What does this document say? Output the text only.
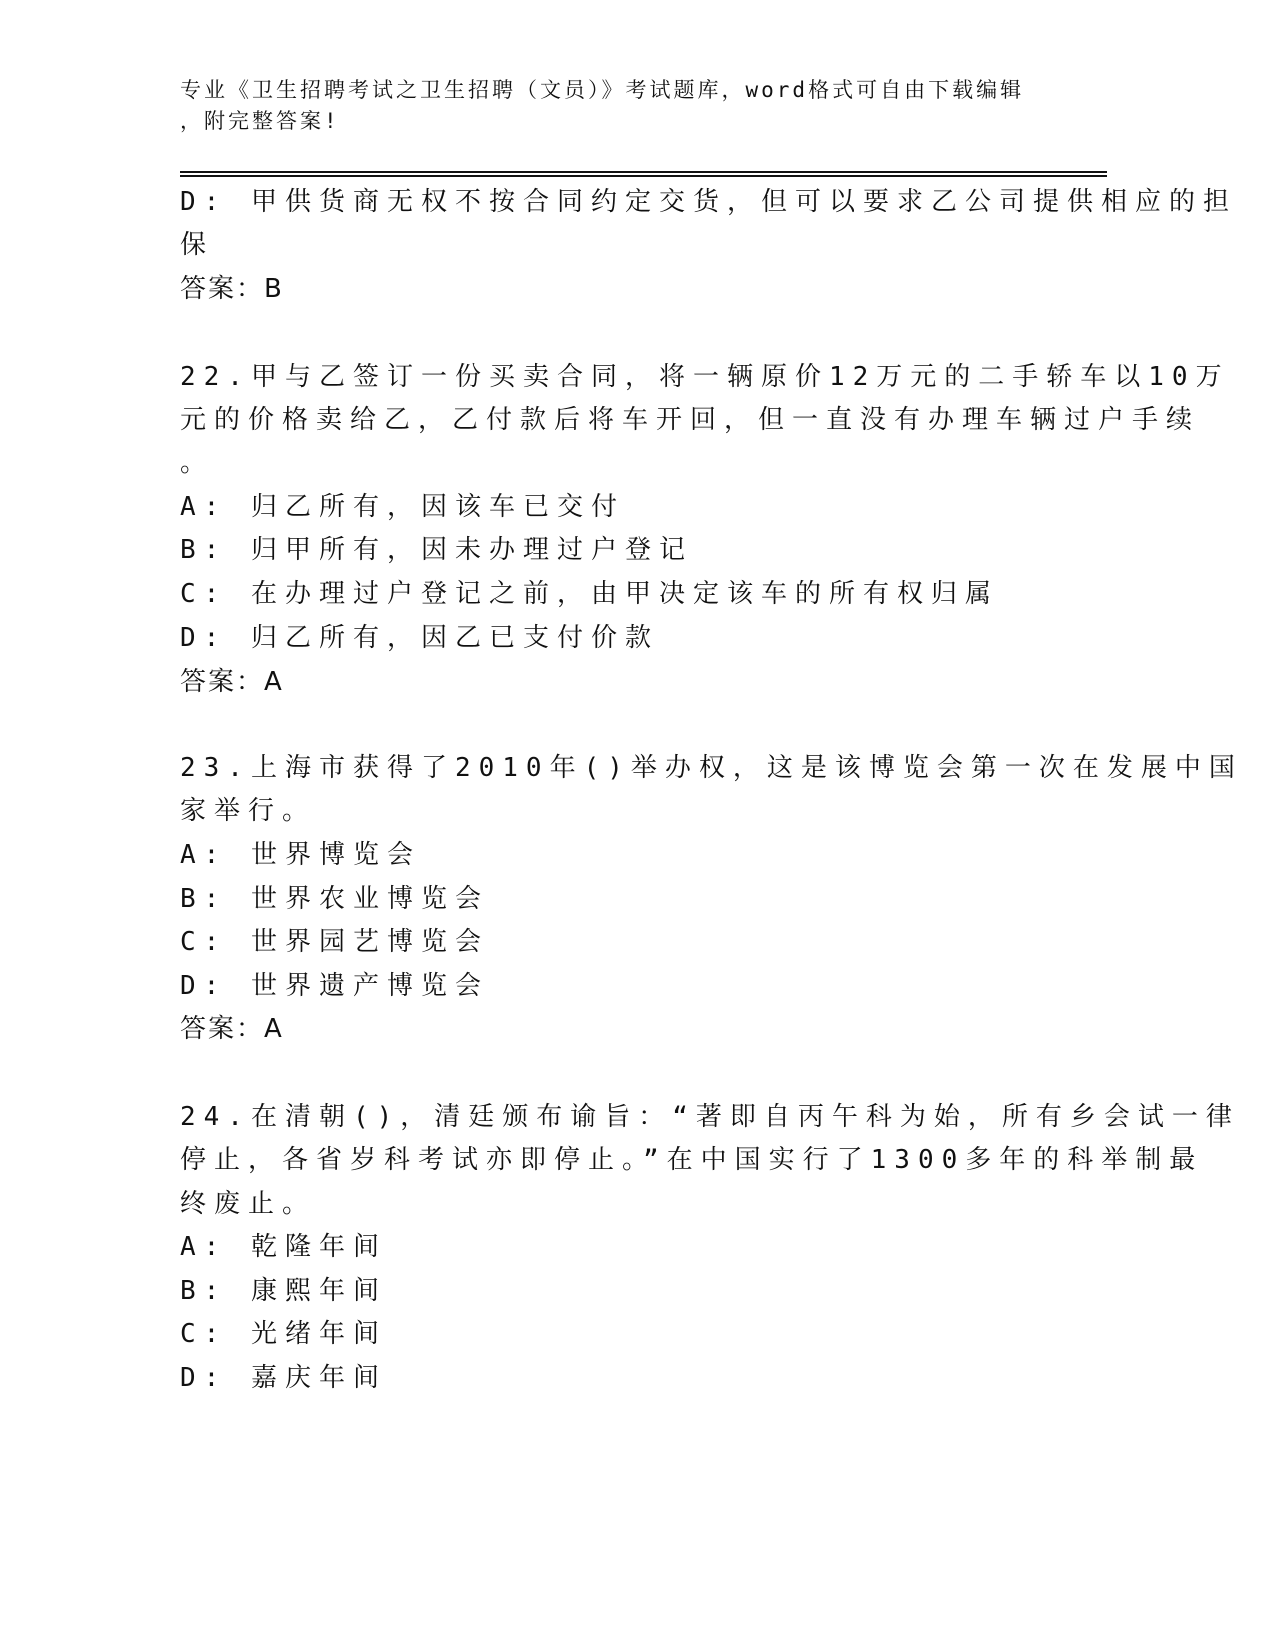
专业《卫生招聘考试之卫生招聘（文员）》考试题库，word格式可自由下载编辑
，附完整答案!
D: 甲供货商无权不按合同约定交货，但可以要求乙公司提供相应的担
保
答案：B
22.甲与乙签订一份买卖合同，将一辆原价12万元的二手轿车以10万
元的价格卖给乙，乙付款后将车开回，但一直没有办理车辆过户手续
。
A: 归乙所有，因该车已交付
B: 归甲所有，因未办理过户登记
C: 在办理过户登记之前，由甲决定该车的所有权归属
D: 归乙所有，因乙已支付价款
答案：A
23.上海市获得了2010年()举办权，这是该博览会第一次在发展中国
家举行。
A: 世界博览会
B: 世界农业博览会
C: 世界园艺博览会
D: 世界遗产博览会
答案：A
24.在清朝()，清廷颁布谕旨：“著即自丙午科为始，所有乡会试一律
停止，各省岁科考试亦即停止。”在中国实行了1300多年的科举制最
终废止。
A: 乾隆年间
B: 康熙年间
C: 光绪年间
D: 嘉庆年间
